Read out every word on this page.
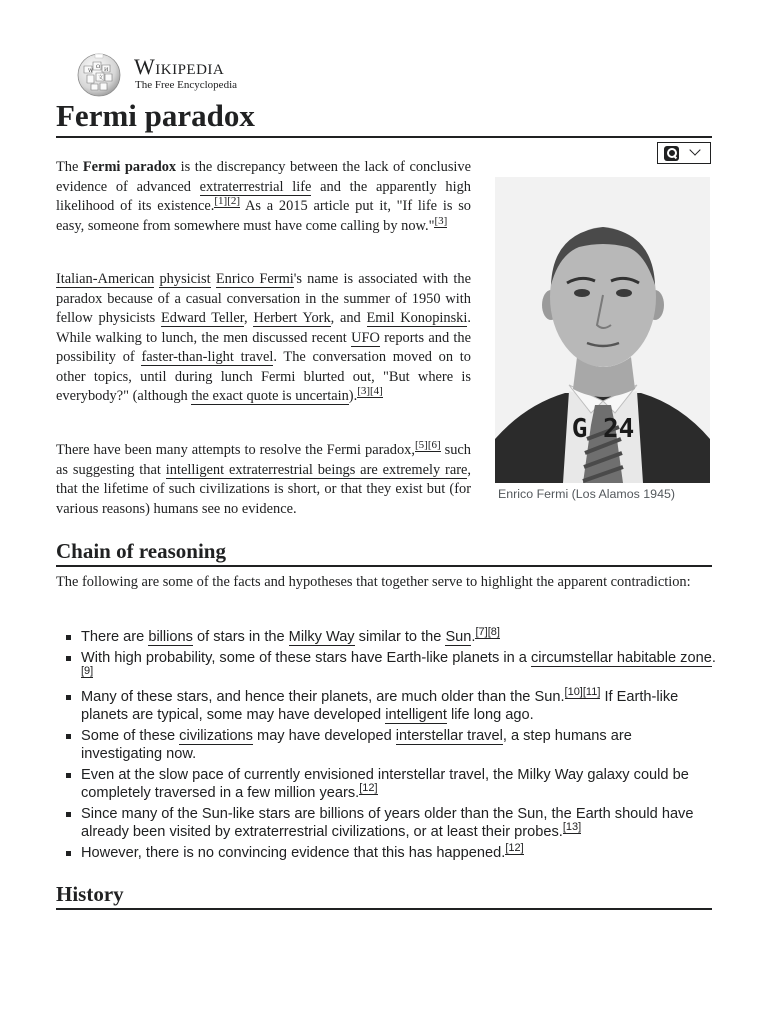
W
Ω И
文 Wikipedia
The Free Encyclopedia
Fermi paradox

The Fermi paradox is the discrepancy between the lack of conclusive evidence of advanced extraterrestrial life and the apparently high likelihood of its existence.[1][2] As a 2015 article put it, "If life is so easy, someone from somewhere must have come calling by now."[3]

Italian-American physicist Enrico Fermi's name is associated with the paradox because of a casual conversation in the summer of 1950 with fellow physicists Edward Teller, Herbert York, and Emil Konopinski. While walking to lunch, the men discussed recent UFO reports and the possibility of faster-than-light travel. The conversation moved on to other topics, until during lunch Fermi blurted out, "But where is everybody?" (although the exact quote is uncertain).[3][4]

There have been many attempts to resolve the Fermi paradox,[5][6] such as suggesting that intelligent extraterrestrial beings are extremely rare, that the lifetime of such civilizations is short, or that they exist but (for various reasons) humans see no evidence.

G 24
Enrico Fermi (Los Alamos 1945)
Chain of reasoning

The following are some of the facts and hypotheses that together serve to highlight the apparent contradiction:

There are billions of stars in the Milky Way similar to the Sun.[7][8]
With high probability, some of these stars have Earth-like planets in a circumstellar habitable zone.[9]
Many of these stars, and hence their planets, are much older than the Sun.[10][11] If Earth-like planets are typical, some may have developed intelligent life long ago.
Some of these civilizations may have developed interstellar travel, a step humans are investigating now.
Even at the slow pace of currently envisioned interstellar travel, the Milky Way galaxy could be completely traversed in a few million years.[12]
Since many of the Sun-like stars are billions of years older than the Sun, the Earth should have already been visited by extraterrestrial civilizations, or at least their probes.[13]
However, there is no convincing evidence that this has happened.[12]
History
